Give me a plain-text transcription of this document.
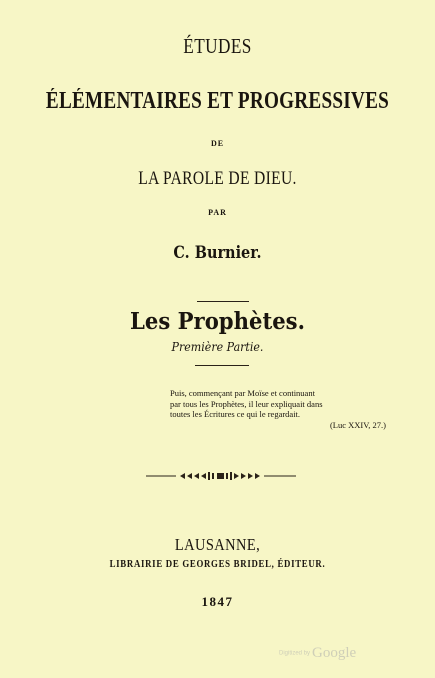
ÉTUDES
ÉLÉMENTAIRES ET PROGRESSIVES
DE
LA PAROLE DE DIEU.
PAR
C. Burnier.
Les Prophètes.
Première Partie.
Puis, commençant par Moïse et continuant
par tous les Prophètes, il leur expliquait dans
toutes les Écritures ce qui le regardait.
(Luc XXIV, 27.)
LAUSANNE,
LIBRAIRIE DE GEORGES BRIDEL, ÉDITEUR.
1847
Digitized by Google
